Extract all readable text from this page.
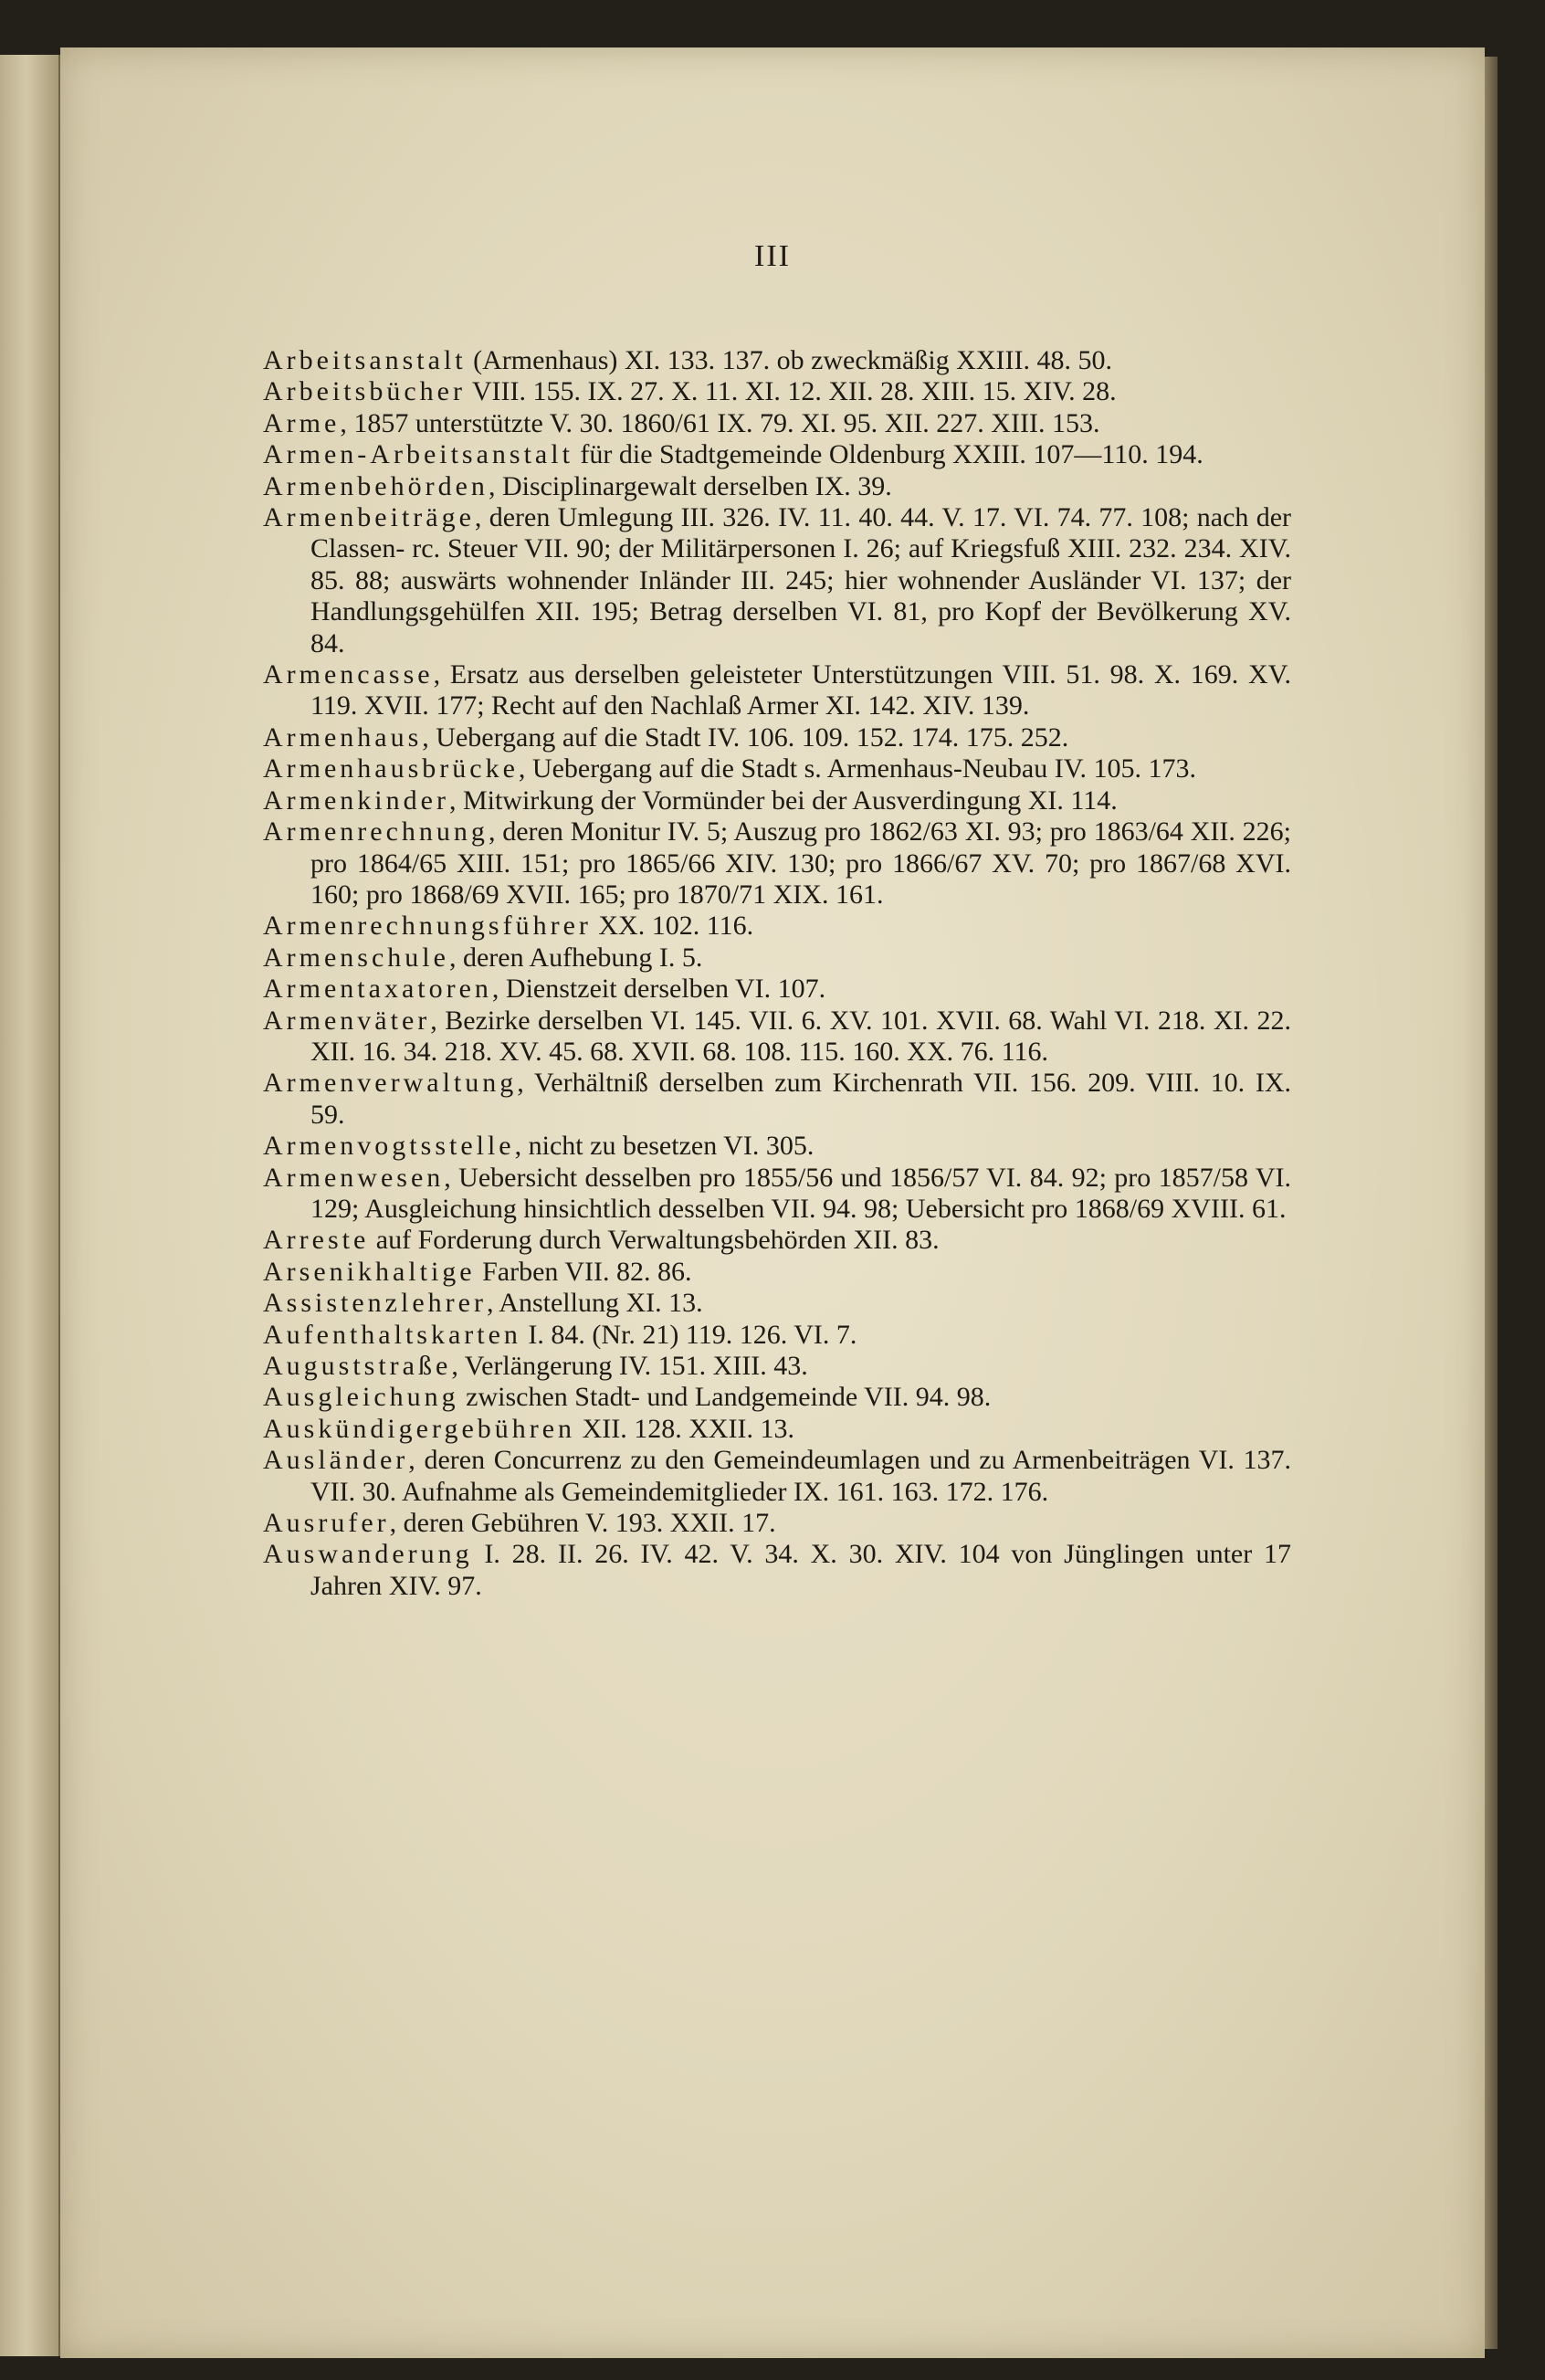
III
Arbeitsanstalt (Armenhaus) XI. 133. 137. ob zweckmäßig XXIII. 48. 50.
Arbeitsbücher VIII. 155. IX. 27. X. 11. XI. 12. XII. 28. XIII. 15. XIV. 28.
Arme, 1857 unterstützte V. 30. 1860/61 IX. 79. XI. 95. XII. 227. XIII. 153.
Armen-Arbeitsanstalt für die Stadtgemeinde Oldenburg XXIII. 107—110. 194.
Armenbehörden, Disciplinargewalt derselben IX. 39.
Armenbeiträge, deren Umlegung III. 326. IV. 11. 40. 44. V. 17. VI. 74. 77. 108; nach der Classen- rc. Steuer VII. 90; der Militärpersonen I. 26; auf Kriegsfuß XIII. 232. 234. XIV. 85. 88; auswärts wohnender Inländer III. 245; hier wohnender Ausländer VI. 137; der Handlungsgehülfen XII. 195; Betrag derselben VI. 81, pro Kopf der Bevölkerung XV. 84.
Armencasse, Ersatz aus derselben geleisteter Unterstützungen VIII. 51. 98. X. 169. XV. 119. XVII. 177; Recht auf den Nachlaß Armer XI. 142. XIV. 139.
Armenhaus, Uebergang auf die Stadt IV. 106. 109. 152. 174. 175. 252.
Armenhausbrücke, Uebergang auf die Stadt s. Armenhaus-Neubau IV. 105. 173.
Armenkinder, Mitwirkung der Vormünder bei der Ausverdingung XI. 114.
Armenrechnung, deren Monitur IV. 5; Auszug pro 1862/63 XI. 93; pro 1863/64 XII. 226; pro 1864/65 XIII. 151; pro 1865/66 XIV. 130; pro 1866/67 XV. 70; pro 1867/68 XVI. 160; pro 1868/69 XVII. 165; pro 1870/71 XIX. 161.
Armenrechnungsführer XX. 102. 116.
Armenschule, deren Aufhebung I. 5.
Armentaxatoren, Dienstzeit derselben VI. 107.
Armenväter, Bezirke derselben VI. 145. VII. 6. XV. 101. XVII. 68. Wahl VI. 218. XI. 22. XII. 16. 34. 218. XV. 45. 68. XVII. 68. 108. 115. 160. XX. 76. 116.
Armenverwaltung, Verhältniß derselben zum Kirchenrath VII. 156. 209. VIII. 10. IX. 59.
Armenvogtsstelle, nicht zu besetzen VI. 305.
Armenwesen, Uebersicht desselben pro 1855/56 und 1856/57 VI. 84. 92; pro 1857/58 VI. 129; Ausgleichung hinsichtlich desselben VII. 94. 98; Uebersicht pro 1868/69 XVIII. 61.
Arreste auf Forderung durch Verwaltungsbehörden XII. 83.
Arsenikhaltige Farben VII. 82. 86.
Assistenzlehrer, Anstellung XI. 13.
Aufenthaltskarten I. 84. (Nr. 21) 119. 126. VI. 7.
Auguststraße, Verlängerung IV. 151. XIII. 43.
Ausgleichung zwischen Stadt- und Landgemeinde VII. 94. 98.
Auskündigergebühren XII. 128. XXII. 13.
Ausländer, deren Concurrenz zu den Gemeindeumlagen und zu Armenbeiträgen VI. 137. VII. 30. Aufnahme als Gemeindemitglieder IX. 161. 163. 172. 176.
Ausrufer, deren Gebühren V. 193. XXII. 17.
Auswanderung I. 28. II. 26. IV. 42. V. 34. X. 30. XIV. 104 von Jünglingen unter 17 Jahren XIV. 97.
